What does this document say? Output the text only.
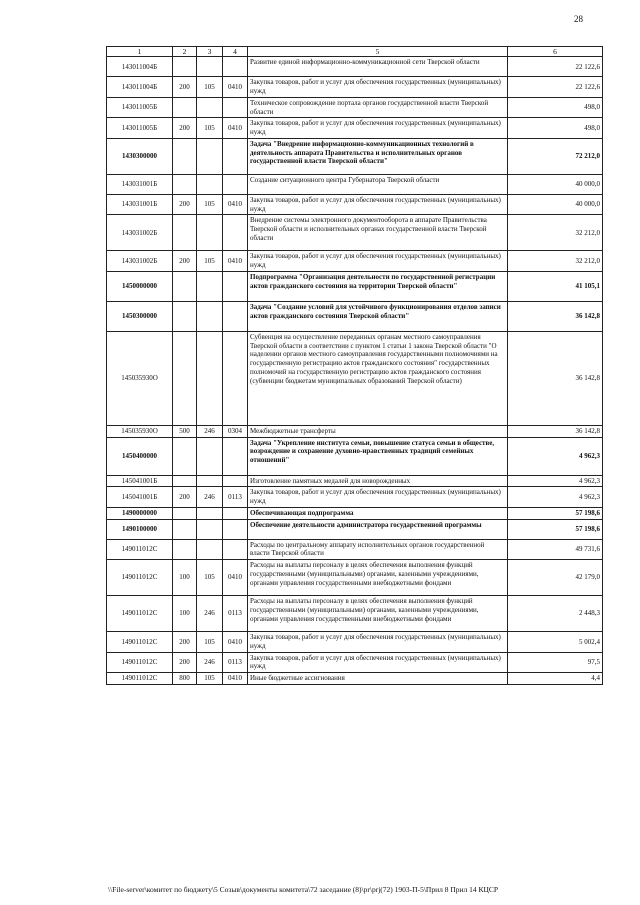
28
1	2	3	4	5	6
143011004Б				Развитие единой информационно-коммуникационной сети Тверской области	22 122,6
143011004Б	200	105	0410	Закупка товаров, работ и услуг для обеспечения государственных (муниципальных) нужд	22 122,6
143011005Б				Техническое сопровождение портала органов государственной власти Тверской области	498,0
143011005Б	200	105	0410	Закупка товаров, работ и услуг для обеспечения государственных (муниципальных) нужд	498,0
1430300000				Задача "Внедрение информационно-коммуникационных технологий в деятельность аппарата Правительства и исполнительных органов государственной власти Тверской области"	72 212,0
143031001Б				Создание ситуационного центра Губернатора Тверской области	40 000,0
143031001Б	200	105	0410	Закупка товаров, работ и услуг для обеспечения государственных (муниципальных) нужд	40 000,0
143031002Б				Внедрение системы электронного документооборота в аппарате Правительства Тверской области и исполнительных органах государственной власти Тверской области	32 212,0
143031002Б	200	105	0410	Закупка товаров, работ и услуг для обеспечения государственных (муниципальных) нужд	32 212,0
1450000000				Подпрограмма "Организация деятельности по государственной регистрации актов гражданского состояния на территории Тверской области"	41 105,1
1450300000				Задача "Создание условий для устойчивого функционирования отделов записи актов гражданского состояния Тверской области"	36 142,8
145035930О				Субвенция на осуществление переданных органам местного самоуправления Тверской области в соответствии с пунктом 1 статьи 1 закона Тверской области "О наделении органов местного самоуправления государственными полномочиями на государственную регистрацию актов гражданского состояния" государственных полномочий на государственную регистрацию актов гражданского состояния (субвенции бюджетам муниципальных образований Тверской области)	36 142,8
145035930О	500	246	0304	Межбюджетные трансферты	36 142,8
1450400000				Задача "Укрепление института семьи, повышение статуса семьи в обществе, возрождение и сохранение духовно-нравственных традиций семейных отношений"	4 962,3
145041001Б				Изготовление памятных медалей для новорожденных	4 962,3
145041001Б	200	246	0113	Закупка товаров, работ и услуг для обеспечения государственных (муниципальных) нужд	4 962,3
1490000000				Обеспечивающая подпрограмма	57 198,6
1490100000				Обеспечение деятельности администратора государственной программы	57 198,6
149011012С				Расходы по центральному аппарату исполнительных органов государственной власти Тверской области	49 731,6
149011012С	100	105	0410	Расходы на выплаты персоналу в целях обеспечения выполнения функций государственными (муниципальными) органами, казенными учреждениями, органами управления государственными внебюджетными фондами	42 179,0
149011012С	100	246	0113	Расходы на выплаты персоналу в целях обеспечения выполнения функций государственными (муниципальными) органами, казенными учреждениями, органами управления государственными внебюджетными фондами	2 448,3
149011012С	200	105	0410	Закупка товаров, работ и услуг для обеспечения государственных (муниципальных) нужд	5 002,4
149011012С	200	246	0113	Закупка товаров, работ и услуг для обеспечения государственных (муниципальных) нужд	97,5
149011012С	800	105	0410	Иные бюджетные ассигнования	4,4
\\File-server\комитет по бюджету\5 Созыв\документы комитета\72 заседание (8)\pr\prj(72) 1903-П-5\Прил 8 Прил 14 КЦСР
